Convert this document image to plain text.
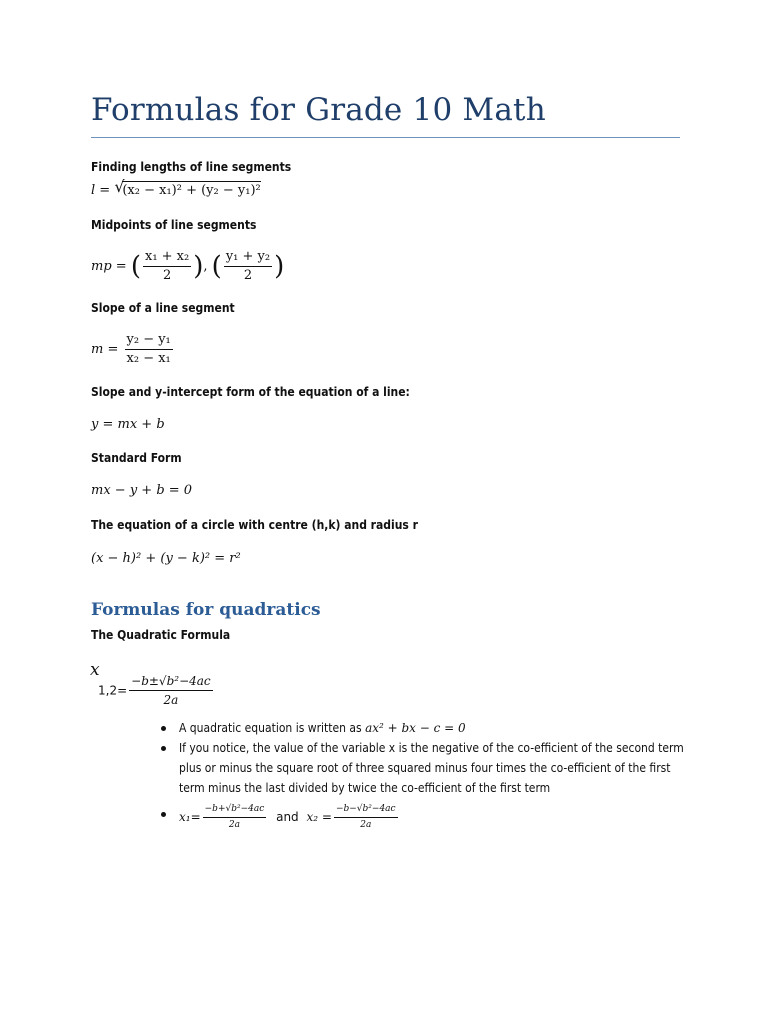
Formulas for Grade 10 Math
Finding lengths of line segments
l = √
(x₂ − x₁)² + (y₂ − y₁)²
Midpoints of line segments
mp = ( $\frac{\text{x₁ + x₂}}{2}$ ), ( $\frac{\text{y₁ + y₂}}{2}$ )
Slope of a line segment
$m = \frac{\text{y₂ − y₁}}{\text{x₂ − x₁}}$
Slope and y-intercept form of the equation of a line:
y = mx + b
Standard Form
mx − y + b = 0
The equation of a circle with centre (h,k) and radius r
(x − h)² + (y − k)² = r²
Formulas for quadratics
The Quadratic Formula
x
$1,2= \frac{\text{−b±√b²−4ac}}{2a}$
A quadratic equation is written as ax² + bx − c = 0
If you notice, the value of the variable x is the negative of the co-efficient of the second term plus or minus the square root of three squared minus four times the co-efficient of the first term minus the last divided by twice the co-efficient of the first term
$x_1= \frac{\text{−b+√b²−4ac}}{2a}$ and $x_2 = \frac{\text{−b−√b²−4ac}}{2a}$
